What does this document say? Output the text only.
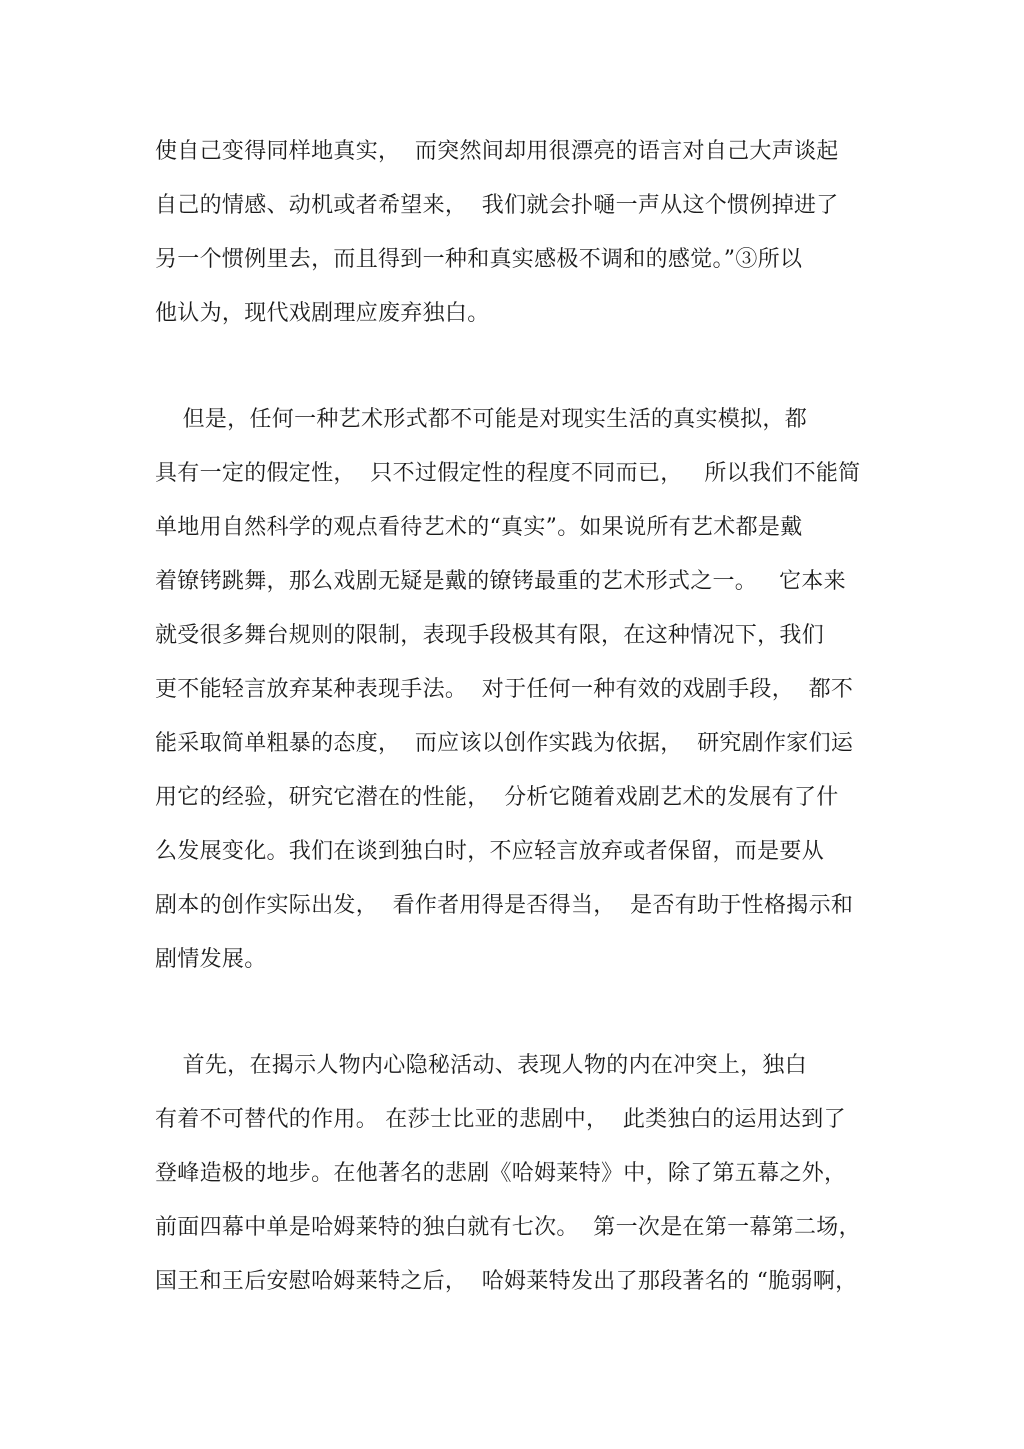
使自己变得同样地真实，  而突然间却用很漂亮的语言对自己大声谈起
自己的情感、动机或者希望来，  我们就会扑嗵一声从这个惯例掉进了
另一个惯例里去，而且得到一种和真实感极不调和的感觉。”③所以
他认为，现代戏剧理应废弃独白。
但是，任何一种艺术形式都不可能是对现实生活的真实模拟，都
具有一定的假定性，  只不过假定性的程度不同而已，   所以我们不能简
单地用自然科学的观点看待艺术的“真实”。如果说所有艺术都是戴
着镣铐跳舞，那么戏剧无疑是戴的镣铐最重的艺术形式之一。   它本来
就受很多舞台规则的限制，表现手段极其有限，在这种情况下，我们
更不能轻言放弃某种表现手法。  对于任何一种有效的戏剧手段，  都不
能采取简单粗暴的态度，  而应该以创作实践为依据，  研究剧作家们运
用它的经验，研究它潜在的性能，  分析它随着戏剧艺术的发展有了什
么发展变化。我们在谈到独白时，不应轻言放弃或者保留，而是要从
剧本的创作实际出发，  看作者用得是否得当，  是否有助于性格揭示和
剧情发展。
首先，在揭示人物内心隐秘活动、表现人物的内在冲突上，独白
有着不可替代的作用。 在莎士比亚的悲剧中，  此类独白的运用达到了
登峰造极的地步。在他著名的悲剧《哈姆莱特》中，除了第五幕之外，
前面四幕中单是哈姆莱特的独白就有七次。  第一次是在第一幕第二场，
国王和王后安慰哈姆莱特之后，  哈姆莱特发出了那段著名的 “脆弱啊，
